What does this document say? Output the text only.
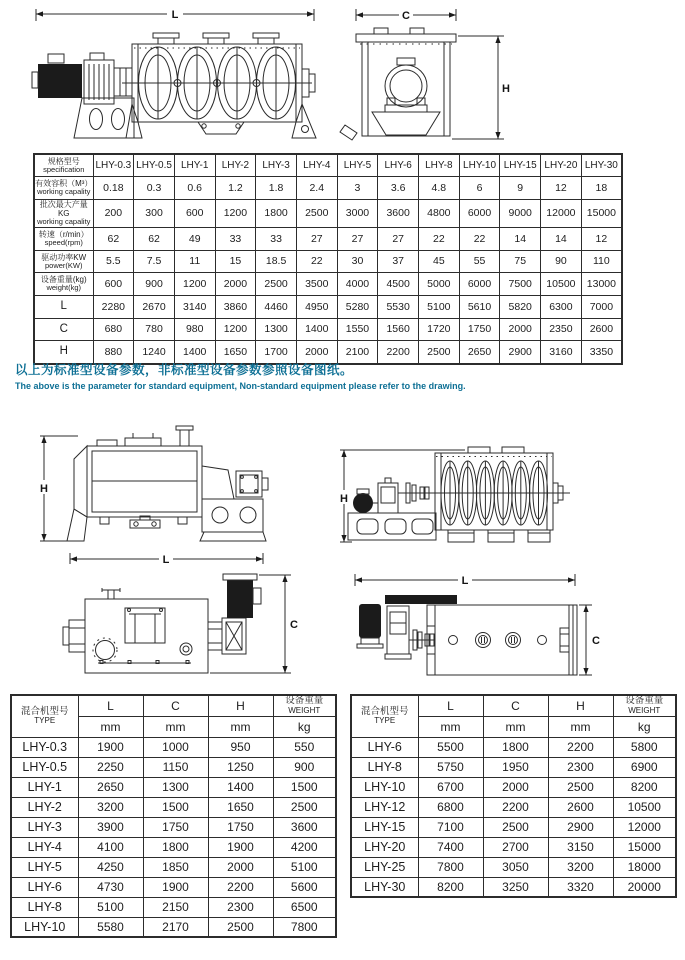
L	C
H
规格型号
specification	LHY-0.3	LHY-0.5	LHY-1	LHY-2	LHY-3	LHY-4	LHY-5	LHY-6	LHY-8	LHY-10	LHY-15	LHY-20	LHY-30

有效容积（M³）
working capality	0.18	0.3	0.6	1.2	1.8	2.4	3	3.6	4.8	6	9	12	18

批次最大产量KG
working capality	200	300	600	1200	1800	2500	3000	3600	4800	6000	9000	12000	15000

转速（r/min）
speed(rpm)	62	62	49	33	33	27	27	27	22	22	14	14	12

驱动功率KW
power(KW)	5.5	7.5	11	15	18.5	22	30	37	45	55	75	90	110

设备重量(kg)
weight(kg)	600	900	1200	2000	2500	3500	4000	4500	5000	6000	7500	10500	13000
L	2280	2670	3140	3860	4460	4950	5280	5530	5100	5610	5820	6300	7000
C	680	780	980	1200	1300	1400	1550	1560	1720	1750	2000	2350	2600
H	880	1240	1400	1650	1700	2000	2100	2200	2500	2650	2900	3160	3350
以上为标准型设备参数，非标准型设备参数参照设备图纸。
The above is the parameter for standard equipment, Non-standard equipment please refer to the drawing.
H
L
H
C
L
C
混合机型号
TYPE	L	C	H	设备重量
WEIGHT

	mm	mm	mm	kg
LHY-0.3	1900	1000	950	550
LHY-0.5	2250	1150	1250	900
LHY-1	2650	1300	1400	1500
LHY-2	3200	1500	1650	2500
LHY-3	3900	1750	1750	3600
LHY-4	4100	1800	1900	4200
LHY-5	4250	1850	2000	5100
LHY-6	4730	1900	2200	5600
LHY-8	5100	2150	2300	6500
LHY-10	5580	2170	2500	7800
混合机型号
TYPE	L	C	H	设备重量
WEIGHT

	mm	mm	mm	kg
LHY-6	5500	1800	2200	5800
LHY-8	5750	1950	2300	6900
LHY-10	6700	2000	2500	8200
LHY-12	6800	2200	2600	10500
LHY-15	7100	2500	2900	12000
LHY-20	7400	2700	3150	15000
LHY-25	7800	3050	3200	18000
LHY-30	8200	3250	3320	20000
